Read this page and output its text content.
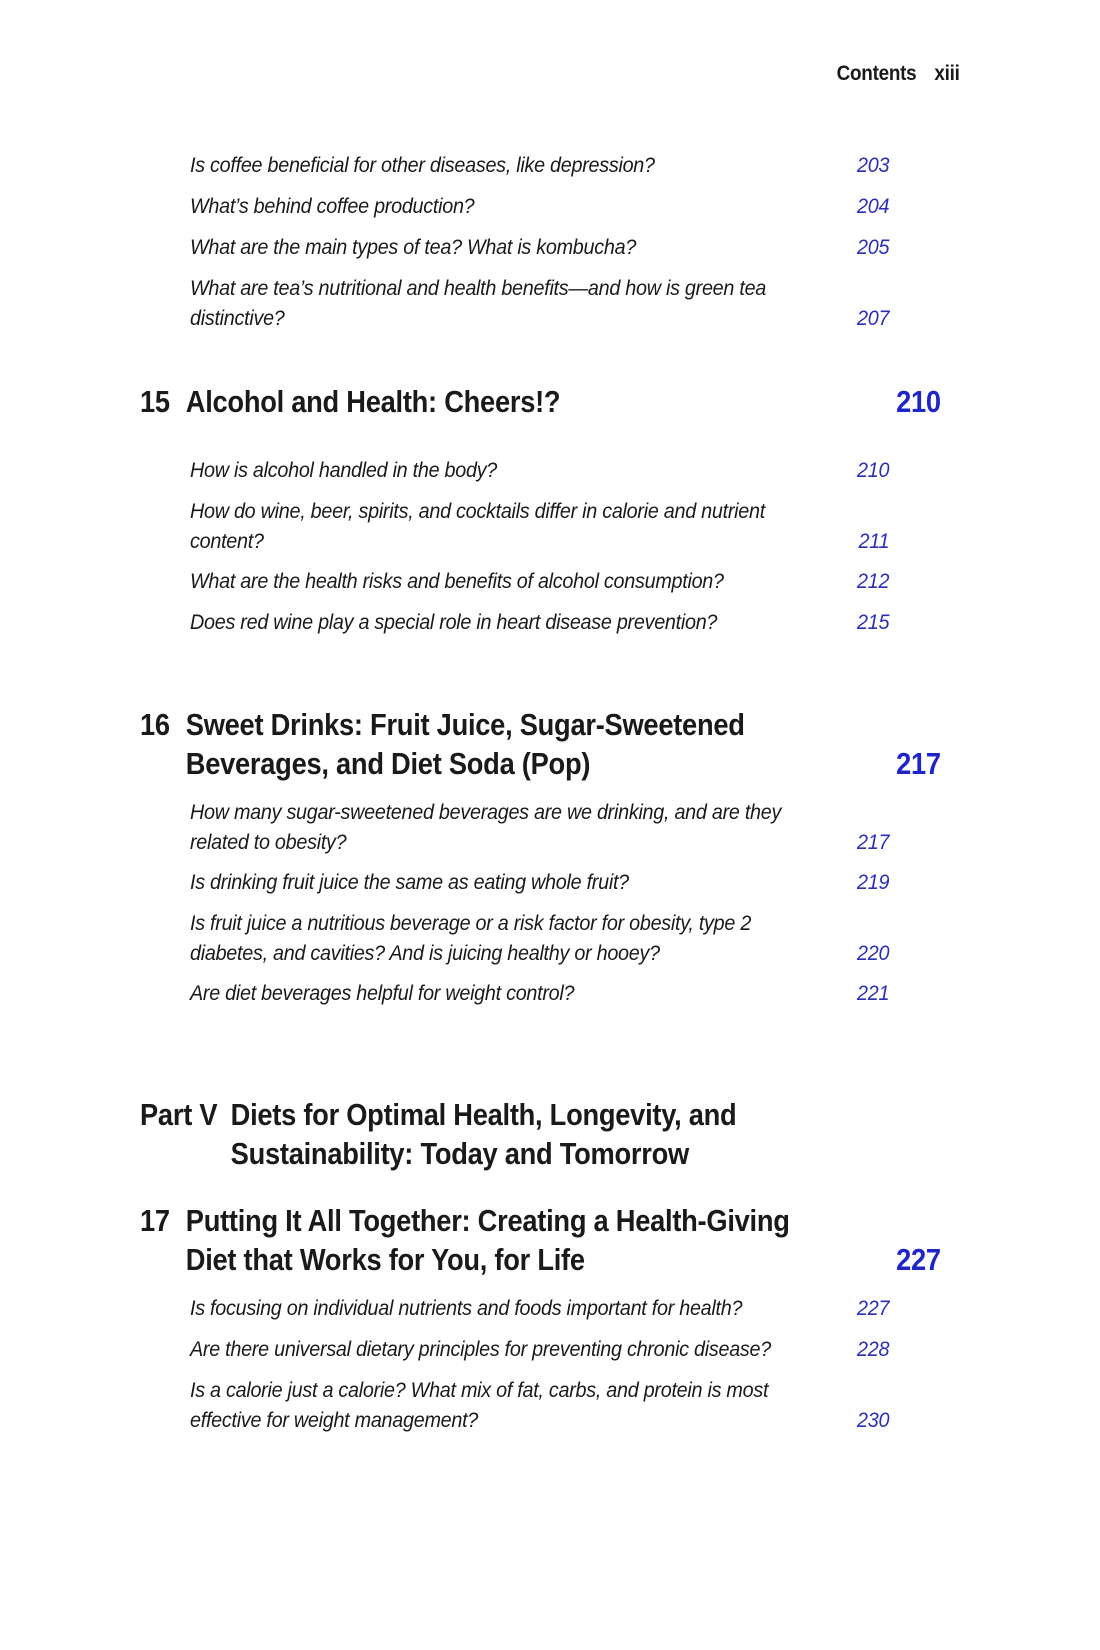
Contents xiii
Is coffee beneficial for other diseases, like depression?	203
What’s behind coffee production?	204
What are the main types of tea? What is kombucha?	205
What are tea’s nutritional and health benefits—and how is green tea distinctive?	207
15 Alcohol and Health: Cheers!?	210
How is alcohol handled in the body?	210
How do wine, beer, spirits, and cocktails differ in calorie and nutrient content?	211
What are the health risks and benefits of alcohol consumption?	212
Does red wine play a special role in heart disease prevention?	215
16 Sweet Drinks: Fruit Juice, Sugar-Sweetened Beverages, and Diet Soda (Pop)	217
How many sugar-sweetened beverages are we drinking, and are they related to obesity?	217
Is drinking fruit juice the same as eating whole fruit?	219
Is fruit juice a nutritious beverage or a risk factor for obesity, type 2 diabetes, and cavities? And is juicing healthy or hooey?	220
Are diet beverages helpful for weight control?	221
Part V Diets for Optimal Health, Longevity, and Sustainability: Today and Tomorrow
17 Putting It All Together: Creating a Health-Giving Diet that Works for You, for Life	227
Is focusing on individual nutrients and foods important for health?	227
Are there universal dietary principles for preventing chronic disease?	228
Is a calorie just a calorie? What mix of fat, carbs, and protein is most effective for weight management?	230
